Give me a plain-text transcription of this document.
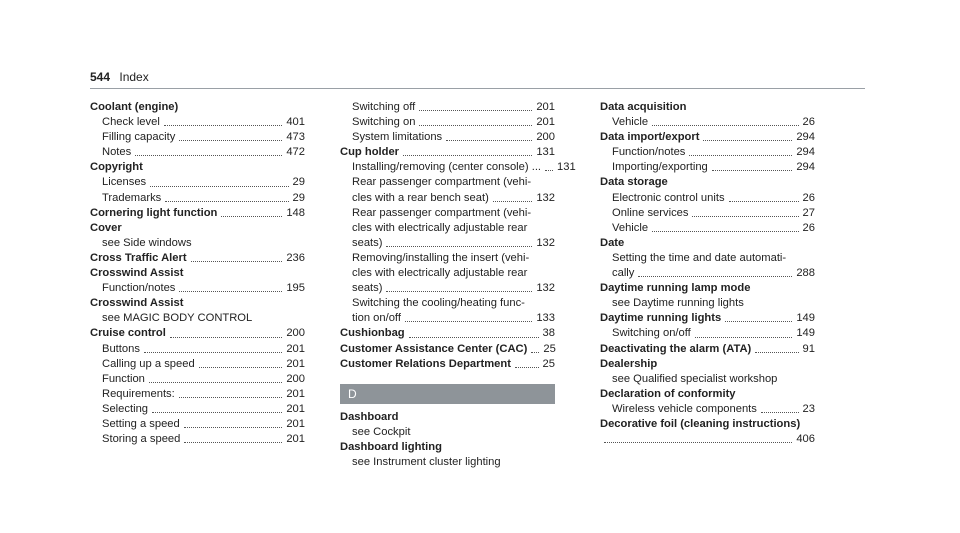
544 Index
Coolant (engine)
Check level	401
Filling capacity	473
Notes	472
Copyright
Licenses	29
Trademarks	29
Cornering light function	148
Cover
see Side windows
Cross Traffic Alert	236
Crosswind Assist
Function/notes	195
Crosswind Assist
see MAGIC BODY CONTROL
Cruise control	200
Buttons	201
Calling up a speed	201
Function	200
Requirements:	201
Selecting	201
Setting a speed	201
Storing a speed	201
Switching off	201
Switching on	201
System limitations	200
Cup holder	131
Installing/removing (center console) ... 131
Rear passenger compartment (vehi-
cles with a rear bench seat)	132
Rear passenger compartment (vehi-
cles with electrically adjustable rear
seats)	132
Removing/installing the insert (vehi-
cles with electrically adjustable rear
seats)	132
Switching the cooling/heating func-
tion on/off	133
Cushionbag	38
Customer Assistance Center (CAC) 25
Customer Relations Department	25
D
Dashboard
see Cockpit
Dashboard lighting
see Instrument cluster lighting
Data acquisition
Vehicle	26
Data import/export	294
Function/notes	294
Importing/exporting	294
Data storage
Electronic control units	26
Online services	27
Vehicle	26
Date
Setting the time and date automati-
cally	288
Daytime running lamp mode
see Daytime running lights
Daytime running lights	149
Switching on/off	149
Deactivating the alarm (ATA)	91
Dealership
see Qualified specialist workshop
Declaration of conformity
Wireless vehicle components	23
Decorative foil (cleaning instructions)
406
